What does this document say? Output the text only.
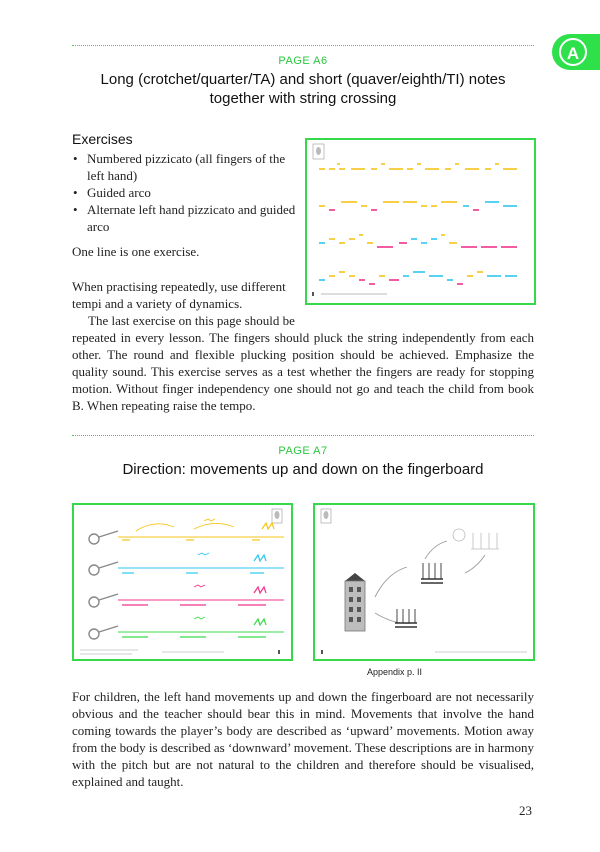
A
PAGE A6
Long (crotchet/quarter/TA) and short (quaver/eighth/TI) notes together with string crossing
Exercises
• Numbered pizzicato (all fingers of the left hand)
• Guided arco
• Alternate left hand pizzicato and guided arco

One line is one exercise.

When practising repeatedly, use different tempi and a variety of dynamics.

The last exercise on this page should be

repeated in every lesson. The fingers should pluck the string independently from each other. The round and flexible plucking position should be achieved. Emphasize the quality sound. This exercise serves as a test whether the fingers are ready for stopping motion. Without finger independency one should not go and teach the child from book B. When repeating raise the tempo.

PAGE A7
Direction: movements up and down on the fingerboard
Appendix p. II

For children, the left hand movements up and down the fingerboard are not necessarily obvious and the teacher should bear this in mind. Movements that involve the hand coming towards the player’s body are described as ‘upward’ movements. Motion away from the body is described as ‘downward’ movement. These descriptions are in harmony with the pitch but are not natural to the children and therefore should be visualised, explained and taught.

23
